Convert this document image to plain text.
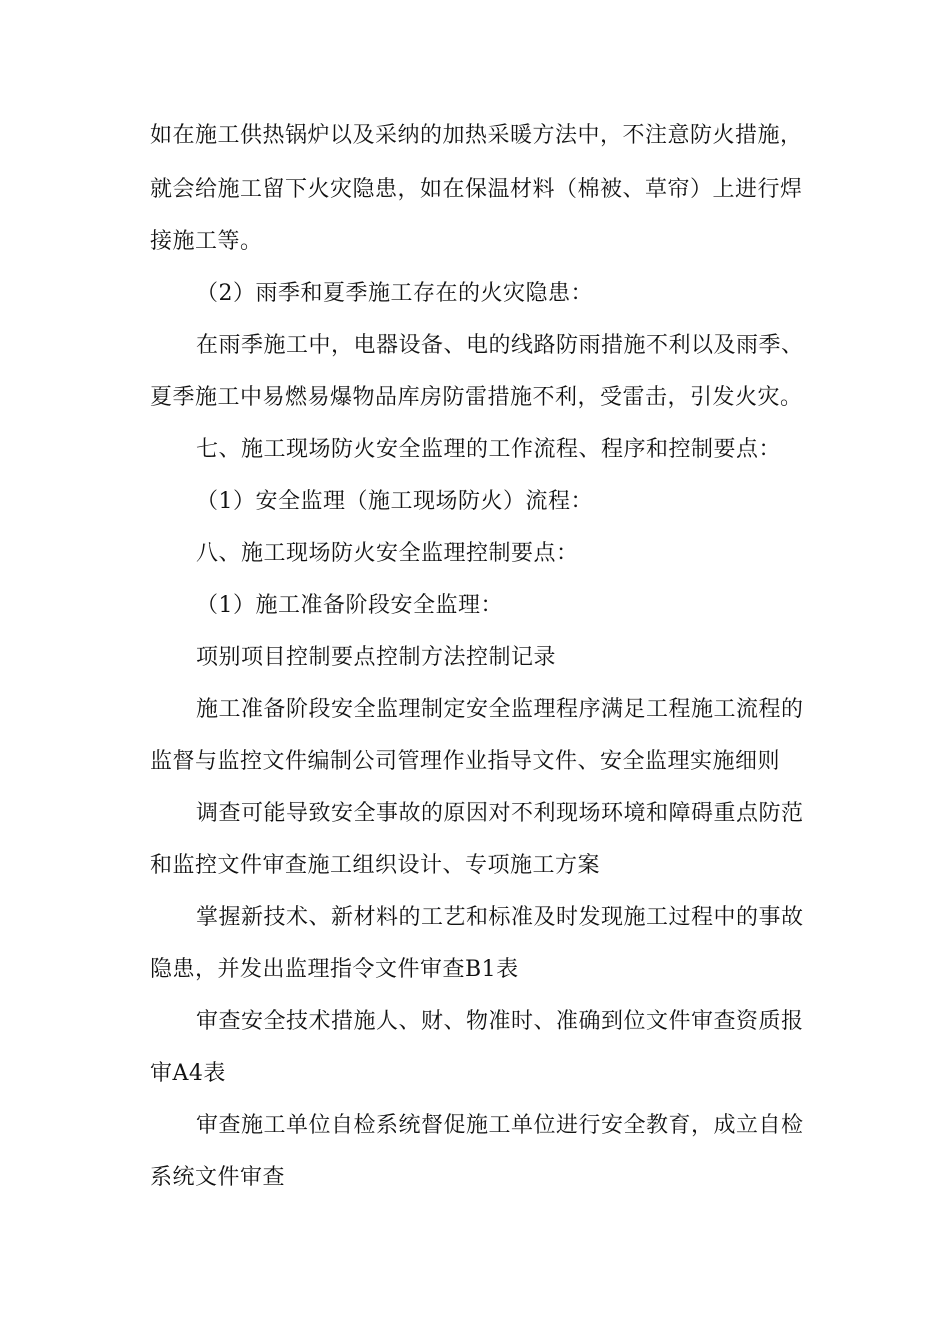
如在施工供热锅炉以及采纳的加热采暖方法中，不注意防火措施，
就会给施工留下火灾隐患，如在保温材料（棉被、草帘）上进行焊
接施工等。
（2）雨季和夏季施工存在的火灾隐患：
在雨季施工中，电器设备、电的线路防雨措施不利以及雨季、
夏季施工中易燃易爆物品库房防雷措施不利，受雷击，引发火灾。
七、施工现场防火安全监理的工作流程、程序和控制要点：
（1）安全监理（施工现场防火）流程：
八、施工现场防火安全监理控制要点：
（1）施工准备阶段安全监理：
项别项目控制要点控制方法控制记录
施工准备阶段安全监理制定安全监理程序满足工程施工流程的
监督与监控文件编制公司管理作业指导文件、安全监理实施细则
调查可能导致安全事故的原因对不利现场环境和障碍重点防范
和监控文件审查施工组织设计、专项施工方案
掌握新技术、新材料的工艺和标准及时发现施工过程中的事故
隐患，并发出监理指令文件审查B1表
审查安全技术措施人、财、物准时、准确到位文件审查资质报
审A4表
审查施工单位自检系统督促施工单位进行安全教育，成立自检
系统文件审查
